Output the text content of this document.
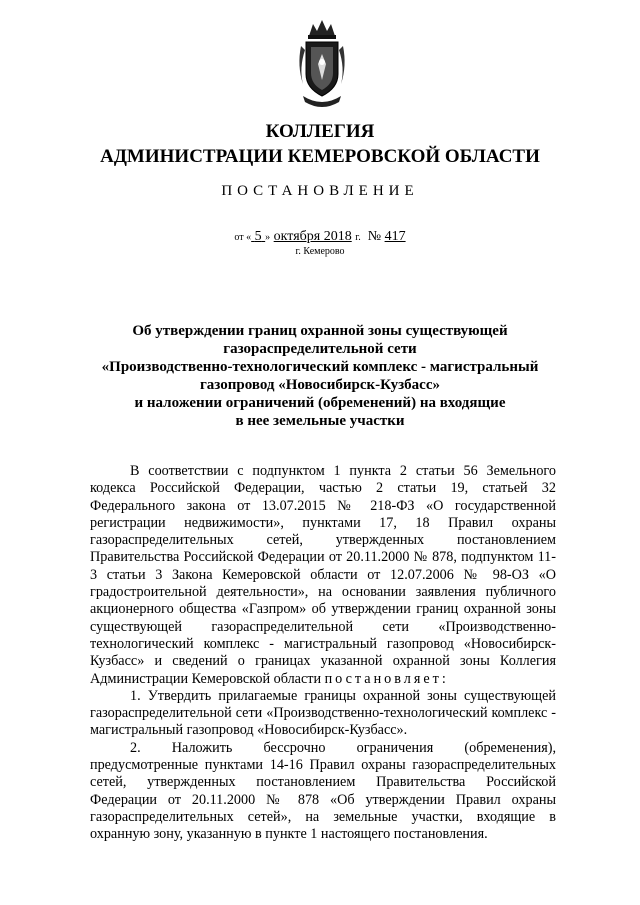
КОЛЛЕГИЯ
АДМИНИСТРАЦИИ КЕМЕРОВСКОЙ ОБЛАСТИ
ПОСТАНОВЛЕНИЕ
от « 5 » октября 2018 г. № 417
г. Кемерово
Об утверждении границ охранной зоны существующей
газораспределительной сети
«Производственно-технологический комплекс - магистральный
газопровод «Новосибирск-Кузбасс»
и наложении ограничений (обременений) на входящие
в нее земельные участки

В соответствии с подпунктом 1 пункта 2 статьи 56 Земельного кодекса Российской Федерации, частью 2 статьи 19, статьей 32 Федерального закона от 13.07.2015 № 218-ФЗ «О государственной регистрации недвижимости», пунктами 17, 18 Правил охраны газораспределительных сетей, утвержденных постановлением Правительства Российской Федерации от 20.11.2000 № 878, подпунктом 11-3 статьи 3 Закона Кемеровской области от 12.07.2006 № 98-ОЗ «О градостроительной деятельности», на основании заявления публичного акционерного общества «Газпром» об утверждении границ охранной зоны существующей газораспределительной сети «Производственно-технологический комплекс - магистральный газопровод «Новосибирск-Кузбасс» и сведений о границах указанной охранной зоны Коллегия Администрации Кемеровской области постановляет:

1. Утвердить прилагаемые границы охранной зоны существующей газораспределительной сети «Производственно-технологический комплекс - магистральный газопровод «Новосибирск-Кузбасс».

2. Наложить бессрочно ограничения (обременения), предусмотренные пунктами 14-16 Правил охраны газораспределительных сетей, утвержденных постановлением Правительства Российской Федерации от 20.11.2000 № 878 «Об утверждении Правил охраны газораспределительных сетей», на земельные участки, входящие в охранную зону, указанную в пункте 1 настоящего постановления.
